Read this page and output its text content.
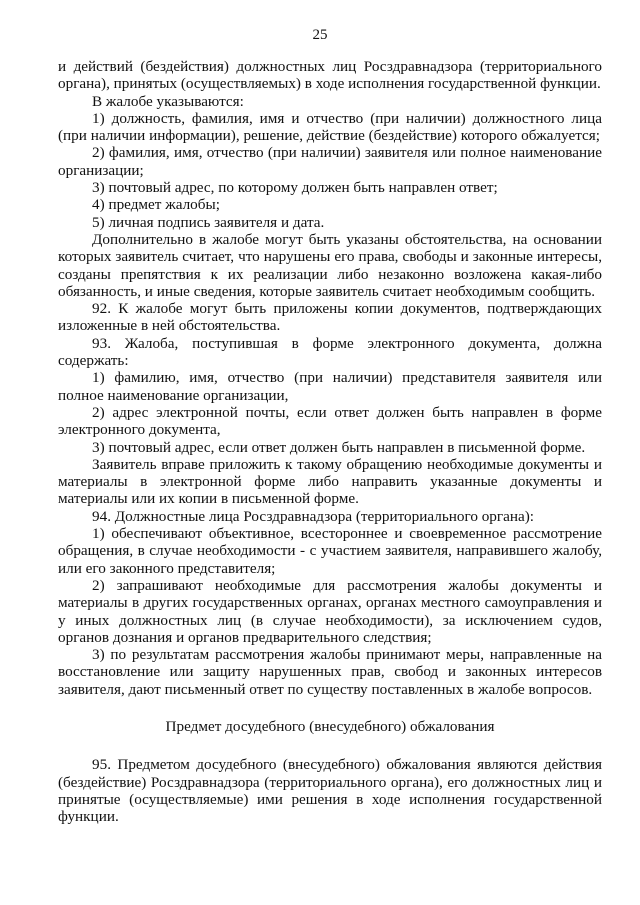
25

и действий (бездействия) должностных лиц Росздравнадзора (территориального органа), принятых (осуществляемых) в ходе исполнения государственной функции.

В жалобе указываются:

1) должность, фамилия, имя и отчество (при наличии) должностного лица (при наличии информации), решение, действие (бездействие) которого обжалуется;

2) фамилия, имя, отчество (при наличии) заявителя или полное наименование организации;

3) почтовый адрес, по которому должен быть направлен ответ;

4) предмет жалобы;

5) личная подпись заявителя и дата.

Дополнительно в жалобе могут быть указаны обстоятельства, на основании которых заявитель считает, что нарушены его права, свободы и законные интересы, созданы препятствия к их реализации либо незаконно возложена какая-либо обязанность, и иные сведения, которые заявитель считает необходимым сообщить.

92. К жалобе могут быть приложены копии документов, подтверждающих изложенные в ней обстоятельства.

93. Жалоба, поступившая в форме электронного документа, должна содержать:

1) фамилию, имя, отчество (при наличии) представителя заявителя или полное наименование организации,

2) адрес электронной почты, если ответ должен быть направлен в форме электронного документа,

3) почтовый адрес, если ответ должен быть направлен в письменной форме.

Заявитель вправе приложить к такому обращению необходимые документы и материалы в электронной форме либо направить указанные документы и материалы или их копии в письменной форме.

94. Должностные лица Росздравнадзора (территориального органа):

1) обеспечивают объективное, всестороннее и своевременное рассмотрение обращения, в случае необходимости - с участием заявителя, направившего жалобу, или его законного представителя;

2) запрашивают необходимые для рассмотрения жалобы документы и материалы в других государственных органах, органах местного самоуправления и у иных должностных лиц (в случае необходимости), за исключением судов, органов дознания и органов предварительного следствия;

3) по результатам рассмотрения жалобы принимают меры, направленные на восстановление или защиту нарушенных прав, свобод и законных интересов заявителя, дают письменный ответ по существу поставленных в жалобе вопросов.

Предмет досудебного (внесудебного) обжалования

95. Предметом досудебного (внесудебного) обжалования являются действия (бездействие) Росздравнадзора (территориального органа), его должностных лиц и принятые (осуществляемые) ими решения в ходе исполнения государственной функции.
